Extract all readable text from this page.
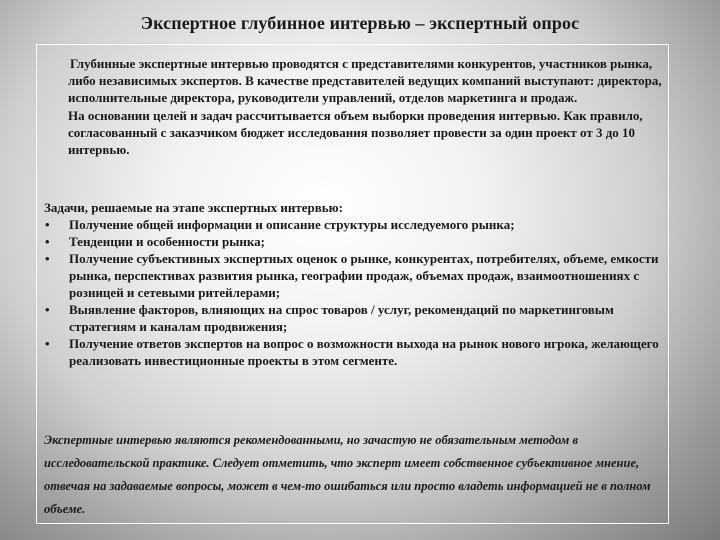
Экспертное глубинное интервью – экспертный опрос

Глубинные экспертные интервью проводятся с представителями конкурентов, участников рынка, либо независимых экспертов. В качестве представителей ведущих компаний выступают: директора, исполнительные директора, руководители управлений, отделов маркетинга и продаж.

На основании целей и задач рассчитывается объем выборки проведения интервью. Как правило, согласованный с заказчиком бюджет исследования позволяет провести за один проект от 3 до 10 интервью.

Задачи, решаемые на этапе экспертных интервью:

• Получение общей информации и описание структуры исследуемого рынка;
• Тенденции и особенности рынка;
• Получение субъективных экспертных оценок о рынке, конкурентах, потребителях, объеме, емкости рынка, перспективах развития рынка, географии продаж, объемах продаж, взаимоотношениях с розницей и сетевыми ритейлерами;
• Выявление факторов, влияющих на спрос товаров / услуг, рекомендаций по маркетинговым стратегиям и каналам продвижения;
• Получение ответов экспертов на вопрос о возможности выхода на рынок нового игрока, желающего реализовать инвестиционные проекты в этом сегменте.

Экспертные интервью являются рекомендованными, но зачастую не обязательным методом в исследовательской практике. Следует отметить, что эксперт имеет собственное субъективное мнение, отвечая на задаваемые вопросы, может в чем-то ошибаться или просто владеть информацией не в полном объеме.
